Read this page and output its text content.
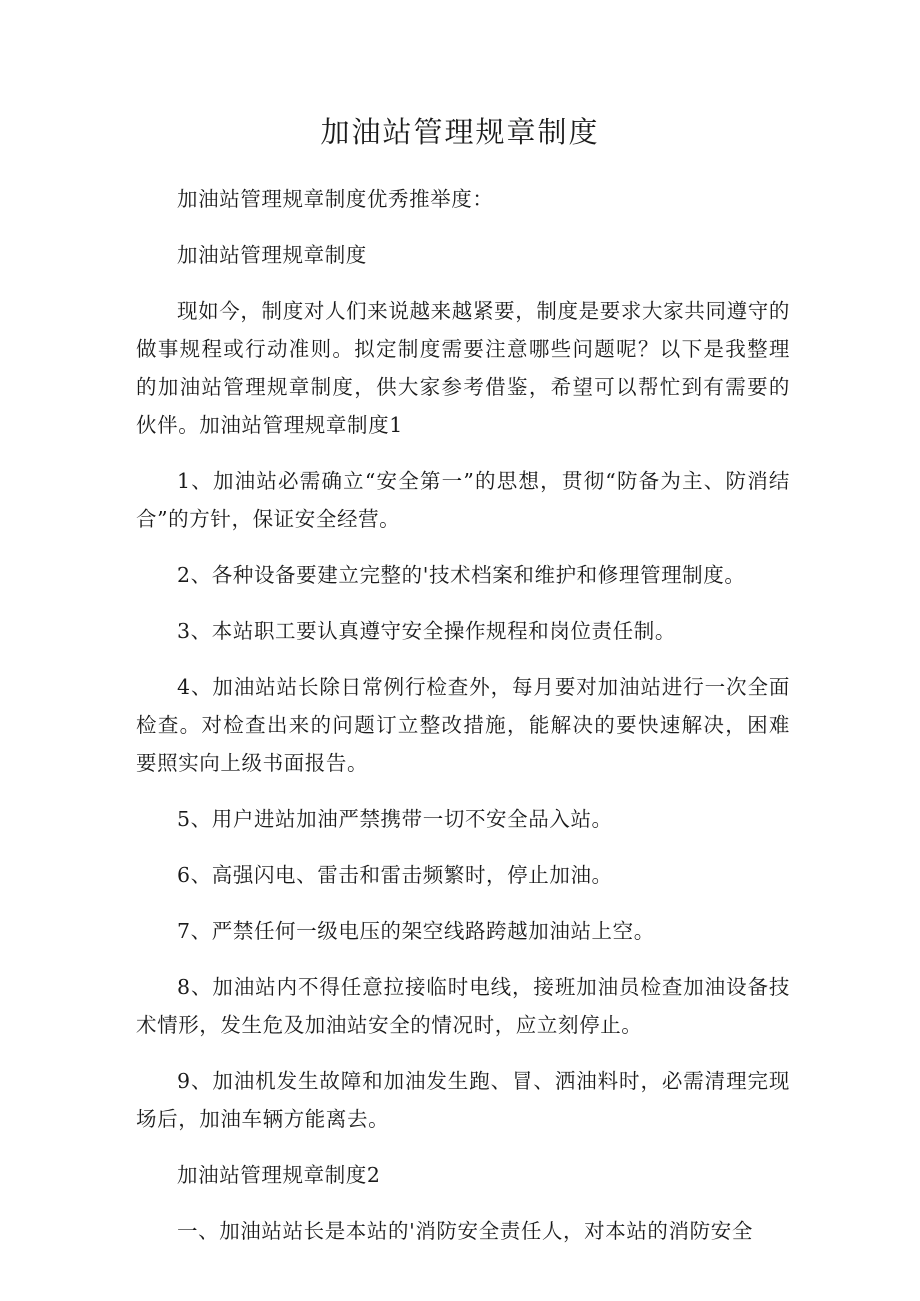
加油站管理规章制度

加油站管理规章制度优秀推举度：

加油站管理规章制度

现如今，制度对人们来说越来越紧要，制度是要求大家共同遵守的做事规程或行动准则。拟定制度需要注意哪些问题呢？以下是我整理的加油站管理规章制度，供大家参考借鉴，希望可以帮忙到有需要的伙伴。加油站管理规章制度1

1、加油站必需确立“安全第一”的思想，贯彻“防备为主、防消结合”的方针，保证安全经营。

2、各种设备要建立完整的'技术档案和维护和修理管理制度。

3、本站职工要认真遵守安全操作规程和岗位责任制。

4、加油站站长除日常例行检查外，每月要对加油站进行一次全面检查。对检查出来的问题订立整改措施，能解决的要快速解决，困难要照实向上级书面报告。

5、用户进站加油严禁携带一切不安全品入站。

6、高强闪电、雷击和雷击频繁时，停止加油。

7、严禁任何一级电压的架空线路跨越加油站上空。

8、加油站内不得任意拉接临时电线，接班加油员检查加油设备技术情形，发生危及加油站安全的情况时，应立刻停止。

9、加油机发生故障和加油发生跑、冒、洒油料时，必需清理完现场后，加油车辆方能离去。

加油站管理规章制度2

一、加油站站长是本站的'消防安全责任人，对本站的消防安全
